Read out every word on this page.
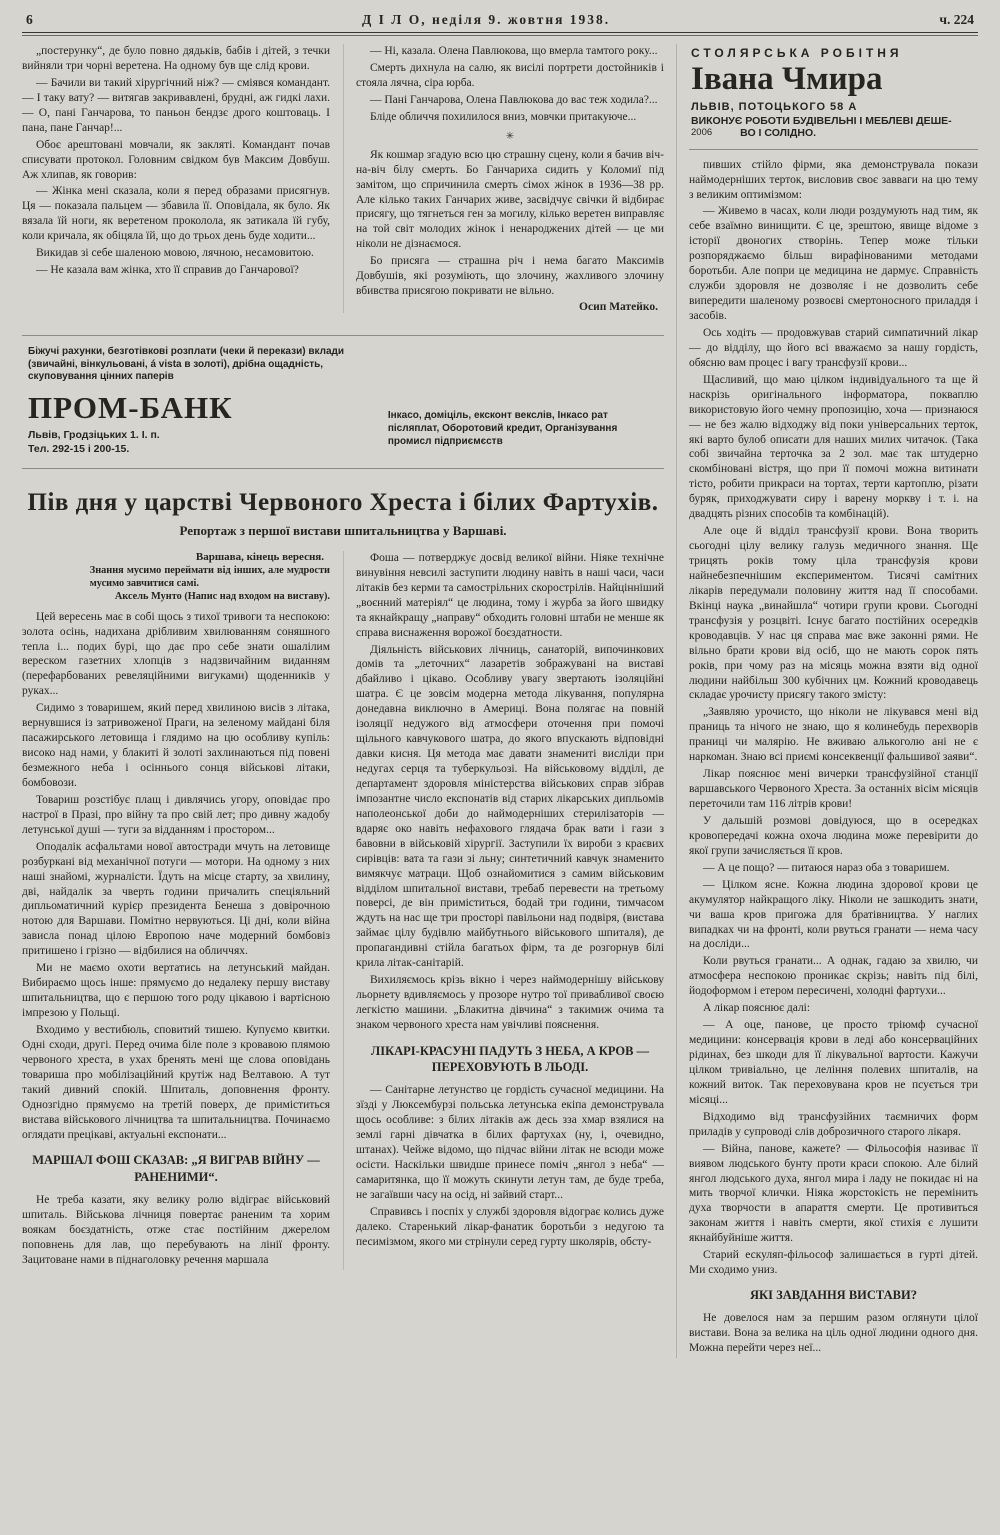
6	Д І Л О, неділя 9. жовтня 1938.	ч. 224

„постерунку“, де було повно дядьків, бабів і дітей, з течки вийняли три чорні веретена. На одному був ще слід крови.

— Бачили ви такий хірургічний ніж? — сміявся командант. — І таку вату? — витягав закривавлені, брудні, аж гидкі лахи. — О, пані Ганчарова, то паньон бендзє дрого коштоваць. І пана, пане Ганчар!...

Обоє арештовані мовчали, як закляті. Командант почав списувати протокол. Головним свідком був Максим Довбуш. Аж хлипав, як говорив:

— Жінка мені сказала, коли я перед образами присягнув. Ця — показала пальцем — збавила її. Оповідала, як було. Як вязала їй ноги, як веретеном проколола, як затикала їй губу, коли кричала, як обіцяла їй, що до трьох день буде ходити...

Викидав зі себе шаленою мовою, лячною, несамовитою.

— Не казала вам жінка, хто її справив до Ганчарової?

— Ні, казала. Олена Павлюкова, що вмерла тамтого року...

Смерть дихнула на салю, як висілі портрети достойників і стояла лячна, сіра юрба.

— Пані Ганчарова, Олена Павлюкова до вас теж ходила?...

Бліде обличчя похилилося вниз, мовчки притакуюче...

✳

Як кошмар згадую всю цю страшну сцену, коли я бачив віч-на-віч білу смерть. Бо Ганчариха сидить у Коломиї під замітом, що спричинила смерть сімох жінок в 1936—38 рр. Але кілько таких Ганчарих живе, засвідчує свічки й відбирає присягу, що тягнеться ген за могилу, кілько веретен виправляє на той світ молодих жінок і ненароджених дітей — це ми ніколи не дізнаємося.

Бо присяга — страшна річ і нема багато Максимів Довбушів, які розуміють, що злочину, жахливого злочину вбивства присягою покривати не вільно.

Осип Матейко.
Біжучі рахунки, безготівкові розплати (чеки й перекази) вклади (звичайні, вінкульовані, á vista в золоті), дрібна ощадність, скуповування цінних паперів
ПРОМ-БАНК
Львів, Гродзіцьких 1. І. п.
Тел. 292-15 і 200-15.
Інкасо, доміціль, ексконт векслів, Інкасо рат післяплат, Оборотовий кредит, Організування промисл підприємєств
Пів дня у царстві Червоного Хреста і білих Фартухів.
Репортаж з першої вистави шпитальництва у Варшаві.
Варшава, кінець вересня.
Знання мусимо переймати від інших, але мудрости мусимо завчитися самі.
Аксель Мунто (Напис над входом на виставу).

Цей вересень має в собі щось з тихої тривоги та неспокою: золота осінь, надихана дрібливим хвилюванням соняшного тепла і... подих бурі, що дає про себе знати ошалілим вереском газетних хлопців з надзвичайним виданням (перефарбованих ревеляційними вигуками) щоденників у руках...

Сидимо з товаришем, який перед хвилиною висів з літака, вернувшися із затривоженої Праги, на зеленому майдані біля пасажирського летовища і глядимо на цю особливу купіль: високо над нами, у блакиті й золоті захлинаються під повені безмежного неба і осіннього сонця військові літаки, бомбовози.

Товариш розстібує плащ і дивлячись угору, оповідає про настрої в Празі, про війну та про свій лет; про дивну жадобу летунської душі — туги за відданням і простором...

Оподалік асфальтами нової автостради мчуть на летовище розбуркані від механічної потуги — мотори. На одному з них наші знайомі, журналісти. Їдуть на місце старту, за хвилину, дві, найдалік за чверть години причалить спеціяльний дипльоматичний курієр президента Бенеша з довірочною нотою для Варшави. Помітно нервуються. Ці дні, коли війна зависла понад цілою Европою наче модерний бомбовіз притишено і грізно — відбилися на обличчях.

Ми не маємо охоти вертатись на летунський майдан. Вибираємо щось інше: прямуємо до недалеку першу виставу шпитальництва, що є першою того роду цікавою і вартісною імпрезою у Польщі.

Входимо у вестибюль, сповитий тишею. Купуємо квитки. Одні сходи, другі. Перед очима біле поле з кровавою плямою червоного хреста, в ухах бренять мені ще слова оповідань товариша про мобілізаційний крутіж над Велтавою. А тут такий дивний спокій. Шпиталь, доповнення фронту. Однозгідно прямуємо на третій поверх, де приміститься вистава військового лічництва та шпитальництва. Починаємо оглядати прецікаві, актуальні експонати...

МАРШАЛ ФОШ СКАЗАВ: „Я ВИГРАВ ВІЙНУ — РАНЕНИМИ“.

Не треба казати, яку велику ролю відіграє військовий шпиталь. Військова лічниця повертає раненим та хорим воякам боєздатність, отже стає постійним джерелом поповнень для лав, що перебувають на лінії фронту. Зацитоване нами в піднаголовку речення маршала

Фоша — потверджує досвід великої війни. Ніяке технічне винувіння невсилі заступити людину навіть в наші часи, часи літаків без керми та самострільних скорострілів. Найцінніший „воєнний матеріял“ це людина, тому і журба за його швидку та якнайкращу „направу“ обходить головні штаби не менше як справа виснаження ворожої боєздатности.

Діяльність військових лічниць, санаторій, випочинкових домів та „леточних“ лазаретів зображувані на виставі дбайливо і цікаво. Особливу увагу звертають ізоляційні шатра. Є це зовсім модерна метода лікування, популярна донедавна виключно в Америці. Вона полягає на повній ізоляції недужого від атмосфери оточення при помочі щільного кавчукового шатра, до якого впускають відповідні давки кисня. Ця метода має давати знамениті висліди при недугах серця та туберкульозі. На військовому відділі, де департамент здоровля міністерства військових справ зібрав імпозантне число експонатів від старих лікарських дипльомів наполеонської доби до наймодерніших стерилізаторів — вдаряє око навіть нефахового глядача брак вати і гази з бавовни в військовій хірургії. Заступили їх вироби з краєвих сирівців: вата та гази зі льну; синтетичний кавчук знаменито вимякчує матраци. Щоб ознайомитися з самим військовим відділом шпитальної вистави, требаб перевести на третьому поверсі, де він приміститься, бодай три години, тимчасом ждуть на нас ще три просторі павільони над подвіря, (вистава займає цілу будівлю майбутнього військового шпиталя), де пропагандивні стійла багатьох фірм, та де розгорнув білі крила літак-санітарій.

Вихиляємось крізь вікно і через наймодернішу військову льорнету вдивляємось у прозоре нутро тої привабливої своєю легкістю машини. „Блакитна дівчина“ з такимиж очима та знаком червоного хреста нам увічливі пояснення.

ЛІКАРІ-КРАСУНІ ПАДУТЬ З НЕБА, А КРОВ — ПЕРЕХОВУЮТЬ В ЛЬОДІ.

— Санітарне летунство це гордість сучасної медицини. На зїзді у Люксембурзі польська летунська екіпа демонструвала щось особливе: з білих літаків аж десь зза хмар взялися на землі гарні дівчатка в білих фартухах (ну, і, очевидно, штанах). Чейже відомо, що підчас війни літак не всюди може осісти. Наскільки швидше принесе поміч „янгол з неба“ — самаритянка, що її можуть скинути летун там, де буде треба, не загаївши часу на осід, ні зайвий старт...

Справивсь і поспіх у службі здоровля відограє колись дуже далеко. Старенький лікар-фанатик боротьби з недугою та песимізмом, якого ми стрінули серед гурту школярів, обсту-

СТОЛЯРСЬКА РОБІТНЯ
Івана Чмира
ЛЬВІВ, ПОТОЦЬКОГО 58 А
ВИКОНУЄ РОБОТИ БУДІВЕЛЬНІ І МЕБЛЕВІ ДЕШЕ-
2006	ВО І СОЛІДНО.

пивших стійло фірми, яка демонструвала покази наймодерніших терток, висловив своє завваги на цю тему з великим оптимізмом:

— Живемо в часах, коли люди роздумують над тим, як себе взаїмно винищити. Є це, зрештою, явище відоме з історії двоногих створінь. Тепер може тільки розпоряджаємо більш вирафінованими методами боротьби. Але попри це медицина не дармує. Справність служби здоровля не дозволяє і не дозволить себе випередити шаленому розвоєві смертоносного приладдя і засобів.

Ось ходіть — продовжував старий симпатичний лікар — до відділу, що його всі вважаємо за нашу гордість, обясню вам процес і вагу трансфузії крови...

Щасливий, що маю цілком індивідуального та ще й наскрізь оригінального інформатора, покваплю використовую його чемну пропозицію, хоча — признаюся — не без жалю відходжу від поки універсальних терток, які варто булоб описати для наших милих читачок. (Така собі звичайна терточка за 2 зол. має так штудерно скомбіновані вістря, що при її помочі можна витинати тісто, робити прикраси на тортах, терти картоплю, різати буряк, приходжувати сиру і варену моркву і т. і. на двадцять різних способів та комбінацій).

Але оце й відділ трансфузії крови. Вона творить сьогодні цілу велику галузь медичного знання. Ще трицять років тому ціла трансфузія крови найнебезпечнішим експериментом. Тисячі самітних лікарів передумали половину життя над її способами. Вкінці наука „винайшла“ чотири групи крови. Сьогодні трансфузія у розцвіті. Існує багато постійних осередків кроводавців. У нас ця справа має вже законні рями. Не вільно брати крови від осіб, що не мають сорок пять років, при чому раз на місяць можна взяти від одної людини найбільш 300 кубічних цм. Кожний кроводавець складає урочисту присягу такого змісту:

„Заявляю урочисто, що ніколи не лікувався мені від праниць та нічого не знаю, що я колинебудь перехворів праниці чи малярію. Не вживаю алькоголю ані не є наркоман. Знаю всі приємі консеквенції фальшивої заяви“.

Лікар пояснює мені вичерки трансфузійної станції варшавського Червоного Хреста. За останніх вісім місяців переточили там 116 літрів крови!

У дальшій розмові довідуюся, що в осередках кровопередачі кожна охоча людина може перевірити до якої групи зачисляється її кров.

— А це пощо? — питаюся нараз оба з товаришем.

— Цілком ясне. Кожна людина здорової крови це акумулятор найкращого ліку. Ніколи не зашкодить знати, чи ваша кров пригожа для братівництва. У наглих випадках чи на фронті, коли рвуться гранати — нема часу на досліди...

Коли рвуться гранати... А однак, гадаю за хвилю, чи атмосфера неспокою проникає скрізь; навіть під білі, йодоформом і етером пересичені, холодні фартухи...

А лікар пояснює далі:

— А оце, панове, це просто тріюмф сучасної медицини: консервація крови в леді або консерваційних рідинах, без шкоди для її лікувальної вартости. Кажучи цілком тривіально, це леління полевих шпиталів, на кожний виток. Так переховувана кров не псується три місяці...

Відходимо від трансфузійних таємничих форм приладів у супроводі слів доброзичного старого лікаря.

— Війна, панове, кажете? — Фільософія називає її виявом людського бунту проти краси спокою. Але білий янгол людського духа, янгол мира і ладу не покидає ні на мить творчої клички. Ніяка жорстокість не перемінить духа творчости в апараття смерти. Це противиться законам життя і навіть смерти, якої стихія є лушити якнайбуйніше життя.

Старий ескуляп-фільософ залишається в гурті дітей. Ми сходимо униз.

ЯКІ ЗАВДАННЯ ВИСТАВИ?

Не довелося нам за першим разом оглянути цілої вистави. Вона за велика на ціль одної людини одного дня. Можна перейти через неї...
